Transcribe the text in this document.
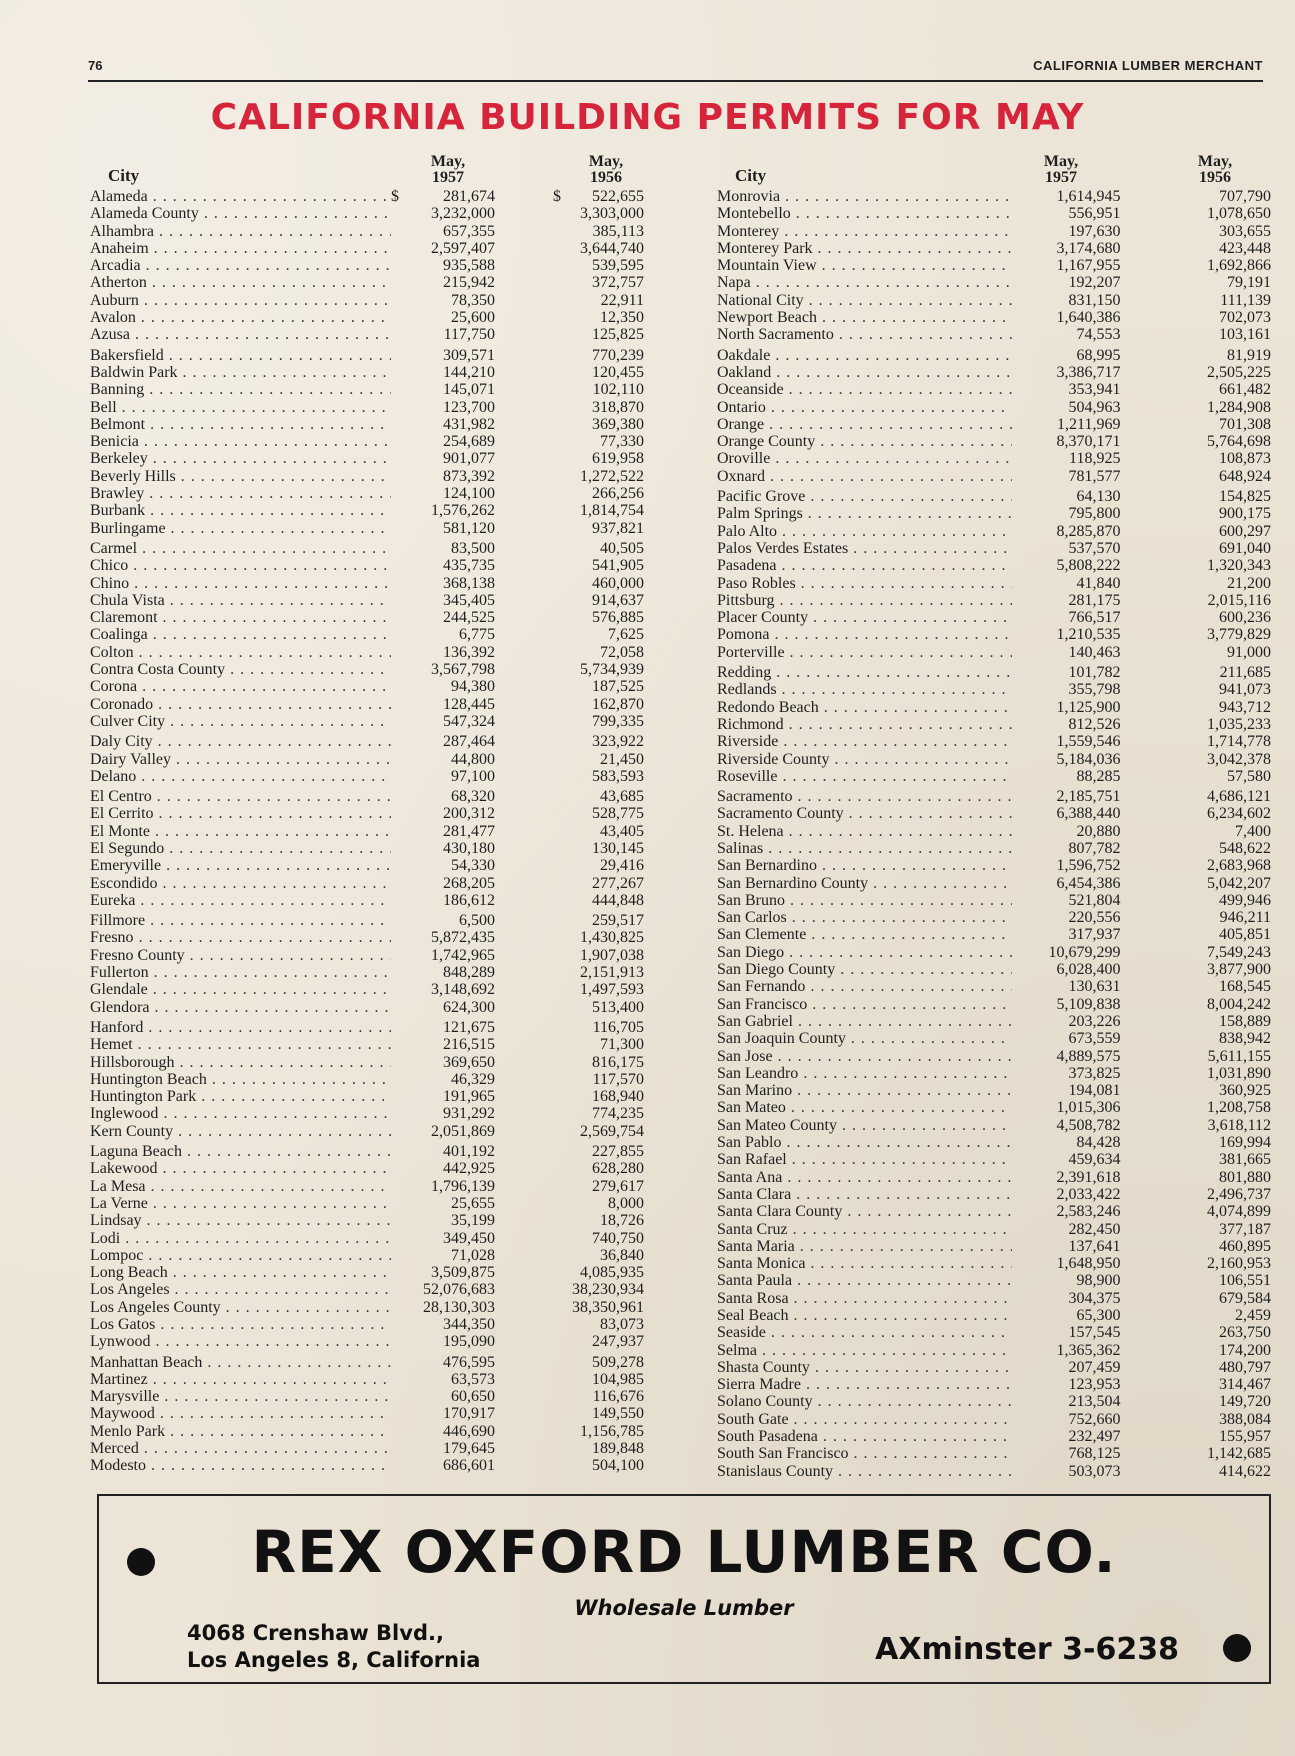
76	CALIFORNIA LUMBER MERCHANT
CALIFORNIA BUILDING PERMITS FOR MAY
City
May,
1957
May,
1956
Alameda . . .	$	281,674	$ 522,655
Alameda County . . .	3,232,000	3,303,000
Alhambra . . .	657,355	385,113
Anaheim . . .	2,597,407	3,644,740
Arcadia . . .	935,588	539,595
Atherton . . .	215,942	372,757
Auburn . . .	78,350	22,911
Avalon . . .	25,600	12,350
Azusa . . .	117,750	125,825
Bakersfield . . .	309,571	770,239
Baldwin Park . . .	144,210	120,455
Banning . . .	145,071	102,110
Bell . . .	123,700	318,870
Belmont . . .	431,982	369,380
Benicia . . .	254,689	77,330
Berkeley . . .	901,077	619,958
Beverly Hills . . .	873,392	1,272,522
Brawley . . .	124,100	266,256
Burbank . . .	1,576,262	1,814,754
Burlingame . . .	581,120	937,821
Carmel . . .	83,500	40,505
Chico . . .	435,735	541,905
Chino . . .	368,138	460,000
Chula Vista . . .	345,405	914,637
Claremont . . .	244,525	576,885
Coalinga . . .	6,775	7,625
Colton . . .	136,392	72,058
Contra Costa County . . .	3,567,798	5,734,939
Corona . . .	94,380	187,525
Coronado . . .	128,445	162,870
Culver City . . .	547,324	799,335
Daly City . . .	287,464	323,922
Dairy Valley . . .	44,800	21,450
Delano . . .	97,100	583,593
El Centro . . .	68,320	43,685
El Cerrito . . .	200,312	528,775
El Monte . . .	281,477	43,405
El Segundo . . .	430,180	130,145
Emeryville . . .	54,330	29,416
Escondido . . .	268,205	277,267
Eureka . . .	186,612	444,848
Fillmore . . .	6,500	259,517
Fresno . . .	5,872,435	1,430,825
Fresno County . . .	1,742,965	1,907,038
Fullerton . . .	848,289	2,151,913
Glendale . . .	3,148,692	1,497,593
Glendora . . .	624,300	513,400
Hanford . . .	121,675	116,705
Hemet . . .	216,515	71,300
Hillsborough . . .	369,650	816,175
Huntington Beach . . .	46,329	117,570
Huntington Park . . .	191,965	168,940
Inglewood . . .	931,292	774,235
Kern County . . .	2,051,869	2,569,754
Laguna Beach . . .	401,192	227,855
Lakewood . . .	442,925	628,280
La Mesa . . .	1,796,139	279,617
La Verne . . .	25,655	8,000
Lindsay . . .	35,199	18,726
Lodi . . .	349,450	740,750
Lompoc . . .	71,028	36,840
Long Beach . . .	3,509,875	4,085,935
Los Angeles . . .	52,076,683	38,230,934
Los Angeles County . . .	28,130,303	38,350,961
Los Gatos . . .	344,350	83,073
Lynwood . . .	195,090	247,937
Manhattan Beach . . .	476,595	509,278
Martinez . . .	63,573	104,985
Marysville . . .	60,650	116,676
Maywood . . .	170,917	149,550
Menlo Park . . .	446,690	1,156,785
Merced . . .	179,645	189,848
Modesto . . .	686,601	504,100
City
May,
1957
May,
1956
Monrovia . . .	1,614,945	707,790
Montebello . . .	556,951	1,078,650
Monterey . . .	197,630	303,655
Monterey Park . . .	3,174,680	423,448
Mountain View . . .	1,167,955	1,692,866
Napa . . .	192,207	79,191
National City . . .	831,150	111,139
Newport Beach . . .	1,640,386	702,073
North Sacramento . . .	74,553	103,161
Oakdale . . .	68,995	81,919
Oakland . . .	3,386,717	2,505,225
Oceanside . . .	353,941	661,482
Ontario . . .	504,963	1,284,908
Orange . . .	1,211,969	701,308
Orange County . . .	8,370,171	5,764,698
Oroville . . .	118,925	108,873
Oxnard . . .	781,577	648,924
Pacific Grove . . .	64,130	154,825
Palm Springs . . .	795,800	900,175
Palo Alto . . .	8,285,870	600,297
Palos Verdes Estates . . .	537,570	691,040
Pasadena . . .	5,808,222	1,320,343
Paso Robles . . .	41,840	21,200
Pittsburg . . .	281,175	2,015,116
Placer County . . .	766,517	600,236
Pomona . . .	1,210,535	3,779,829
Porterville . . .	140,463	91,000
Redding . . .	101,782	211,685
Redlands . . .	355,798	941,073
Redondo Beach . . .	1,125,900	943,712
Richmond . . .	812,526	1,035,233
Riverside . . .	1,559,546	1,714,778
Riverside County . . .	5,184,036	3,042,378
Roseville . . .	88,285	57,580
Sacramento . . .	2,185,751	4,686,121
Sacramento County . . .	6,388,440	6,234,602
St. Helena . . .	20,880	7,400
Salinas . . .	807,782	548,622
San Bernardino . . .	1,596,752	2,683,968
San Bernardino County . . .	6,454,386	5,042,207
San Bruno . . .	521,804	499,946
San Carlos . . .	220,556	946,211
San Clemente . . .	317,937	405,851
San Diego . . .	10,679,299	7,549,243
San Diego County . . .	6,028,400	3,877,900
San Fernando . . .	130,631	168,545
San Francisco . . .	5,109,838	8,004,242
San Gabriel . . .	203,226	158,889
San Joaquin County . . .	673,559	838,942
San Jose . . .	4,889,575	5,611,155
San Leandro . . .	373,825	1,031,890
San Marino . . .	194,081	360,925
San Mateo . . .	1,015,306	1,208,758
San Mateo County . . .	4,508,782	3,618,112
San Pablo . . .	84,428	169,994
San Rafael . . .	459,634	381,665
Santa Ana . . .	2,391,618	801,880
Santa Clara . . .	2,033,422	2,496,737
Santa Clara County . . .	2,583,246	4,074,899
Santa Cruz . . .	282,450	377,187
Santa Maria . . .	137,641	460,895
Santa Monica . . .	1,648,950	2,160,953
Santa Paula . . .	98,900	106,551
Santa Rosa . . .	304,375	679,584
Seal Beach . . .	65,300	2,459
Seaside . . .	157,545	263,750
Selma . . .	1,365,362	174,200
Shasta County . . .	207,459	480,797
Sierra Madre . . .	123,953	314,467
Solano County . . .	213,504	149,720
South Gate . . .	752,660	388,084
South Pasadena . . .	232,497	155,957
South San Francisco . . .	768,125	1,142,685
Stanislaus County . . .	503,073	414,622
REX OXFORD LUMBER CO.
Wholesale Lumber
4068 Crenshaw Blvd.,
Los Angeles 8, California	AXminster 3-6238
